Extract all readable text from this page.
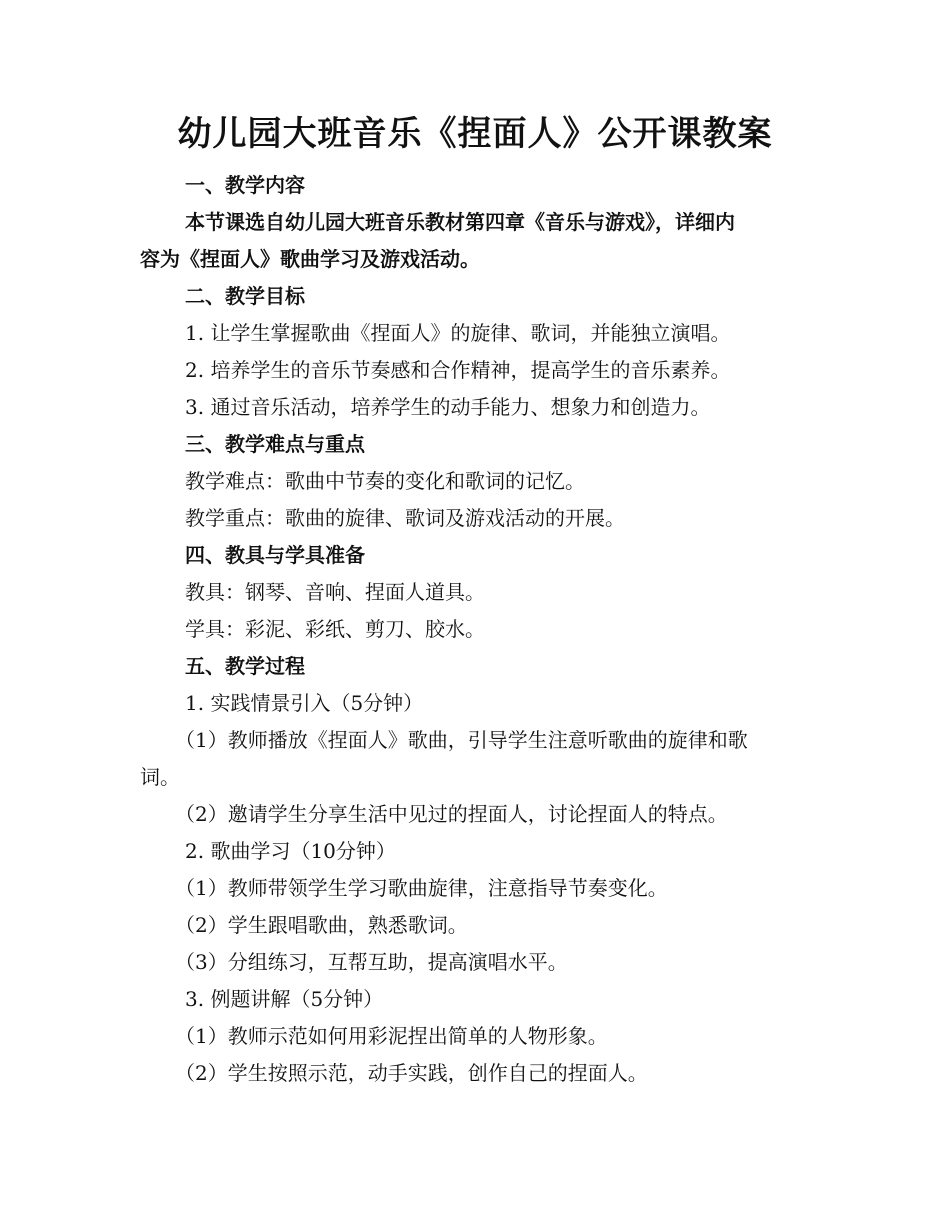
幼儿园大班音乐《捏面人》公开课教案
一、教学内容
本节课选自幼儿园大班音乐教材第四章《音乐与游戏》，详细内
容为《捏面人》歌曲学习及游戏活动。
二、教学目标
1. 让学生掌握歌曲《捏面人》的旋律、歌词，并能独立演唱。
2. 培养学生的音乐节奏感和合作精神，提高学生的音乐素养。
3. 通过音乐活动，培养学生的动手能力、想象力和创造力。
三、教学难点与重点
教学难点：歌曲中节奏的变化和歌词的记忆。
教学重点：歌曲的旋律、歌词及游戏活动的开展。
四、教具与学具准备
教具：钢琴、音响、捏面人道具。
学具：彩泥、彩纸、剪刀、胶水。
五、教学过程
1. 实践情景引入（5分钟）
（1）教师播放《捏面人》歌曲，引导学生注意听歌曲的旋律和歌
词。
（2）邀请学生分享生活中见过的捏面人，讨论捏面人的特点。
2. 歌曲学习（10分钟）
（1）教师带领学生学习歌曲旋律，注意指导节奏变化。
（2）学生跟唱歌曲，熟悉歌词。
（3）分组练习，互帮互助，提高演唱水平。
3. 例题讲解（5分钟）
（1）教师示范如何用彩泥捏出简单的人物形象。
（2）学生按照示范，动手实践，创作自己的捏面人。
